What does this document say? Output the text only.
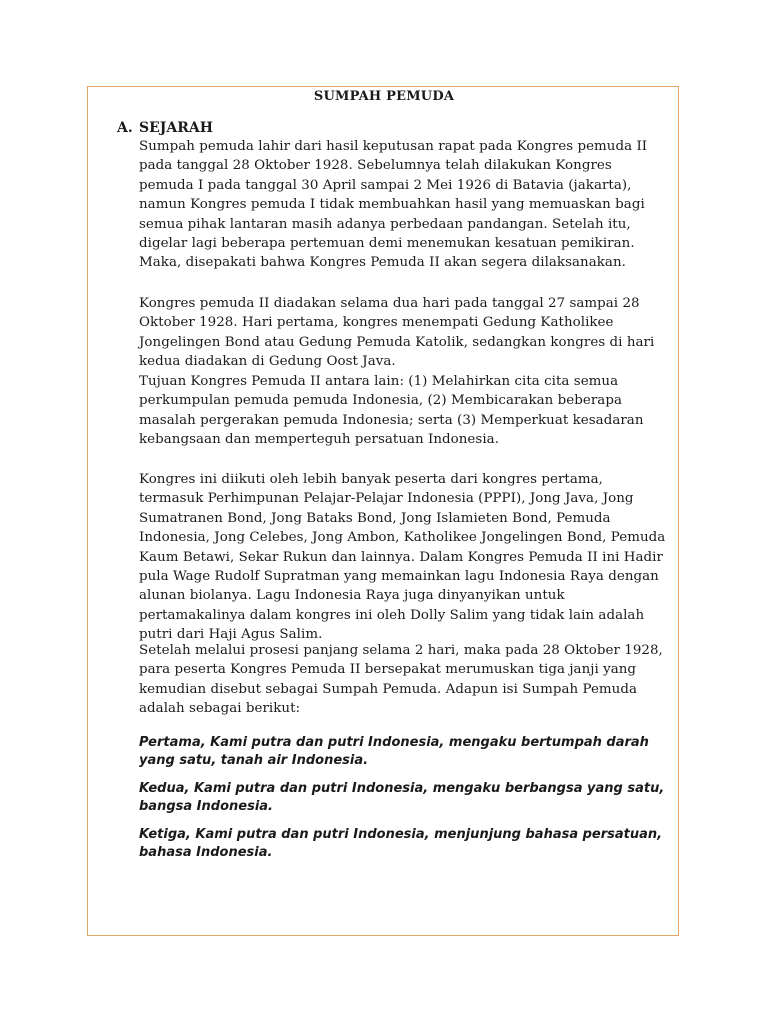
SUMPAH PEMUDA
A. SEJARAH
Sumpah pemuda lahir dari hasil keputusan rapat pada Kongres pemuda II pada tanggal 28 Oktober 1928. Sebelumnya telah dilakukan Kongres pemuda I pada tanggal 30 April sampai 2 Mei 1926 di Batavia (jakarta), namun Kongres pemuda I tidak membuahkan hasil yang memuaskan bagi semua pihak lantaran masih adanya perbedaan pandangan. Setelah itu, digelar lagi beberapa pertemuan demi menemukan kesatuan pemikiran. Maka, disepakati bahwa Kongres Pemuda II akan segera dilaksanakan.
Kongres pemuda II diadakan selama dua hari pada tanggal 27 sampai 28 Oktober 1928. Hari pertama, kongres menempati Gedung Katholikee Jongelingen Bond atau Gedung Pemuda Katolik, sedangkan kongres di hari kedua diadakan di Gedung Oost Java.
Tujuan Kongres Pemuda II antara lain: (1) Melahirkan cita cita semua perkumpulan pemuda pemuda Indonesia, (2) Membicarakan beberapa masalah pergerakan pemuda Indonesia; serta (3) Memperkuat kesadaran kebangsaan dan memperteguh persatuan Indonesia.
Kongres ini diikuti oleh lebih banyak peserta dari kongres pertama, termasuk Perhimpunan Pelajar-Pelajar Indonesia (PPPI), Jong Java, Jong Sumatranen Bond, Jong Bataks Bond, Jong Islamieten Bond, Pemuda Indonesia, Jong Celebes, Jong Ambon, Katholikee Jongelingen Bond, Pemuda Kaum Betawi, Sekar Rukun dan lainnya. Dalam Kongres Pemuda II ini Hadir pula Wage Rudolf Supratman yang memainkan lagu Indonesia Raya dengan alunan biolanya. Lagu Indonesia Raya juga dinyanyikan untuk pertamakalinya dalam kongres ini oleh Dolly Salim yang tidak lain adalah putri dari Haji Agus Salim.
Setelah melalui prosesi panjang selama 2 hari, maka pada 28 Oktober 1928, para peserta Kongres Pemuda II bersepakat merumuskan tiga janji yang kemudian disebut sebagai Sumpah Pemuda. Adapun isi Sumpah Pemuda adalah sebagai berikut:
Pertama, Kami putra dan putri Indonesia, mengaku bertumpah darah yang satu, tanah air Indonesia.
Kedua, Kami putra dan putri Indonesia, mengaku berbangsa yang satu, bangsa Indonesia.
Ketiga, Kami putra dan putri Indonesia, menjunjung bahasa persatuan, bahasa Indonesia.
